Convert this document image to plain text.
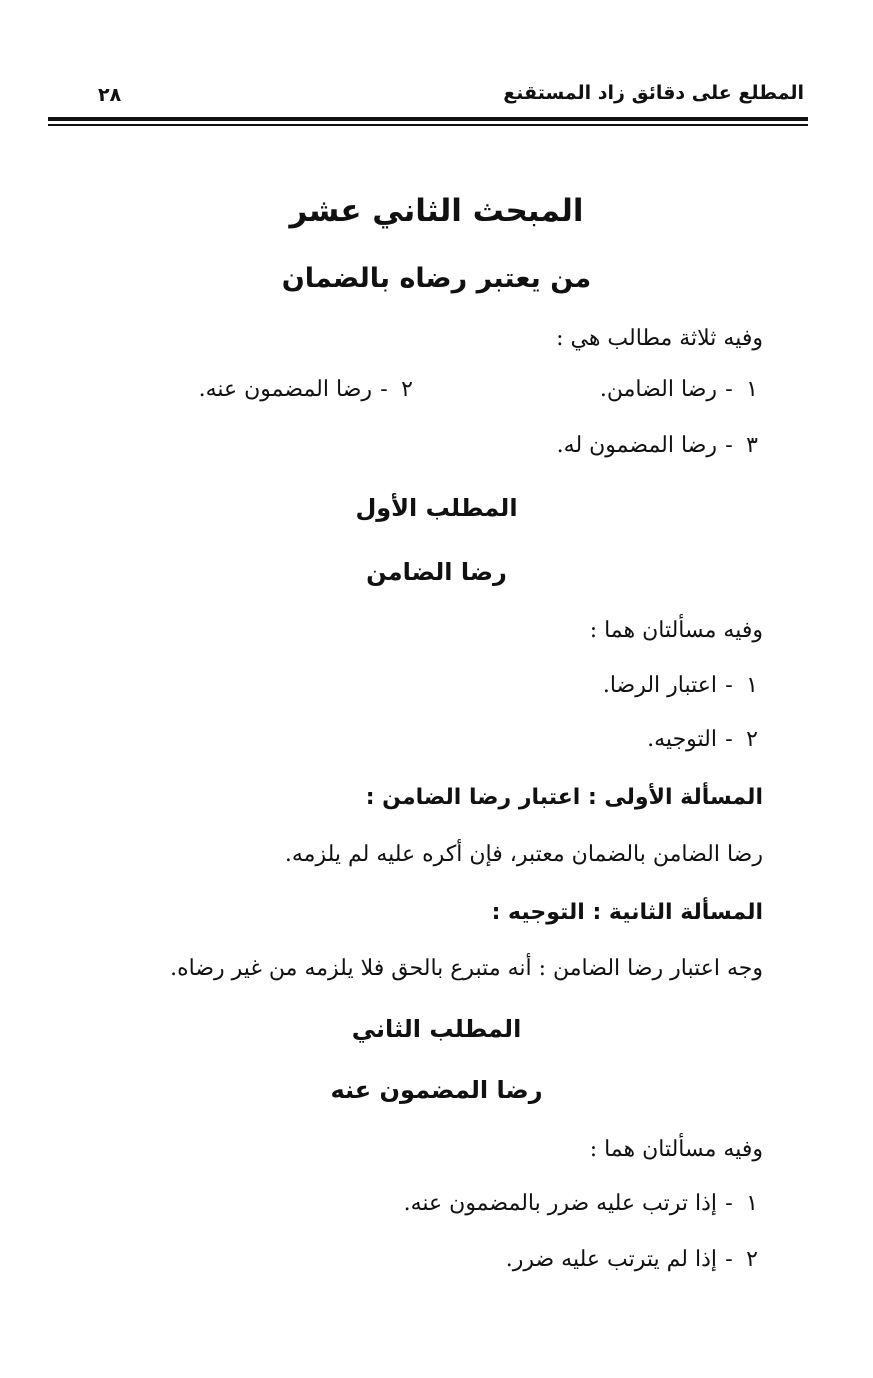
المطلع على دقائق زاد المستقنع
٢٨
المبحث الثاني عشر
من يعتبر رضاه بالضمان
وفيه ثلاثة مطالب هي :
١-رضا الضامن.
٢-رضا المضمون عنه.
٣-رضا المضمون له.
المطلب الأول
رضا الضامن
وفيه مسألتان هما :
١-اعتبار الرضا.
٢-التوجيه.
المسألة الأولى : اعتبار رضا الضامن :
رضا الضامن بالضمان معتبر، فإن أكره عليه لم يلزمه.
المسألة الثانية : التوجيه :
وجه اعتبار رضا الضامن : أنه متبرع بالحق فلا يلزمه من غير رضاه.
المطلب الثاني
رضا المضمون عنه
وفيه مسألتان هما :
١-إذا ترتب عليه ضرر بالمضمون عنه.
٢-إذا لم يترتب عليه ضرر.
